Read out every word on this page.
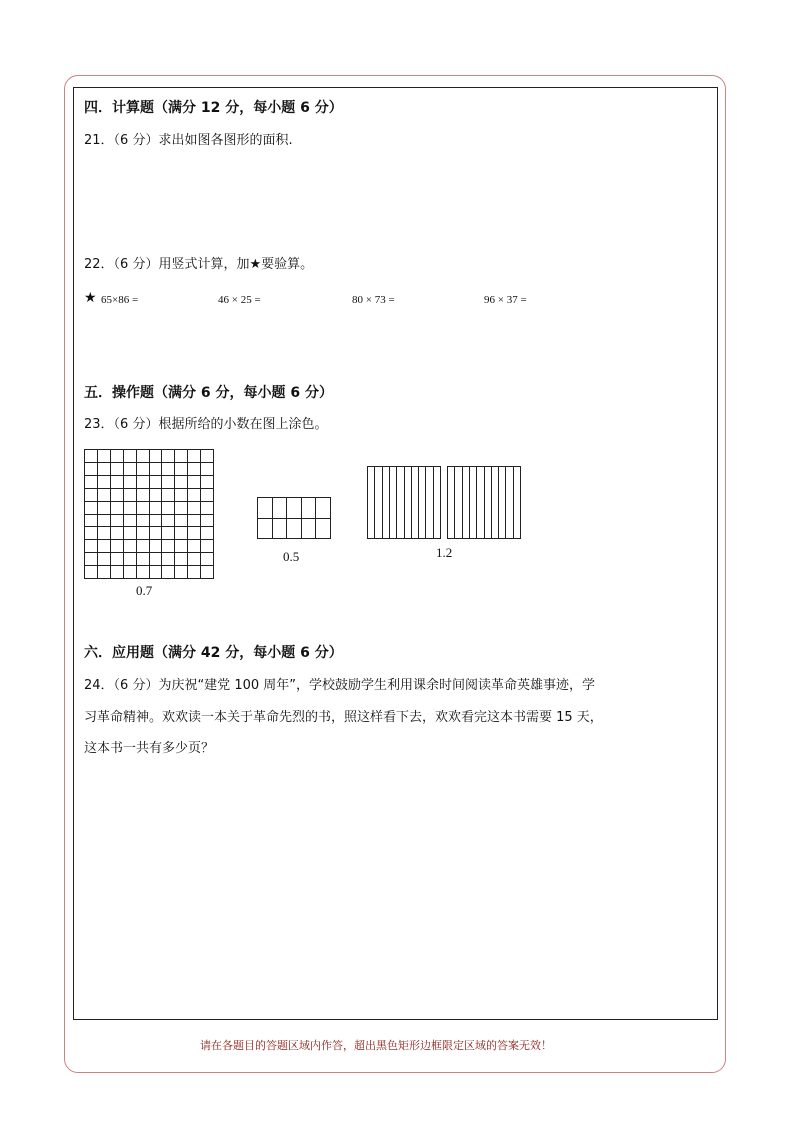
四．计算题（满分 12 分，每小题 6 分）
21．（6 分）求出如图各图形的面积.
22．（6 分）用竖式计算，加★要验算。
★ 65×86 =	46 × 25 =	80 × 73 =	96 × 37 =
五．操作题（满分 6 分，每小题 6 分）
23．（6 分）根据所给的小数在图上涂色。
0.7
0.5	1.2
六．应用题（满分 42 分，每小题 6 分）
24．（6 分）为庆祝“建党 100 周年”，学校鼓励学生利用课余时间阅读革命英雄事迹，学
习革命精神。欢欢读一本关于革命先烈的书，照这样看下去，欢欢看完这本书需要 15 天，
这本书一共有多少页？
请在各题目的答题区域内作答，超出黑色矩形边框限定区域的答案无效！
